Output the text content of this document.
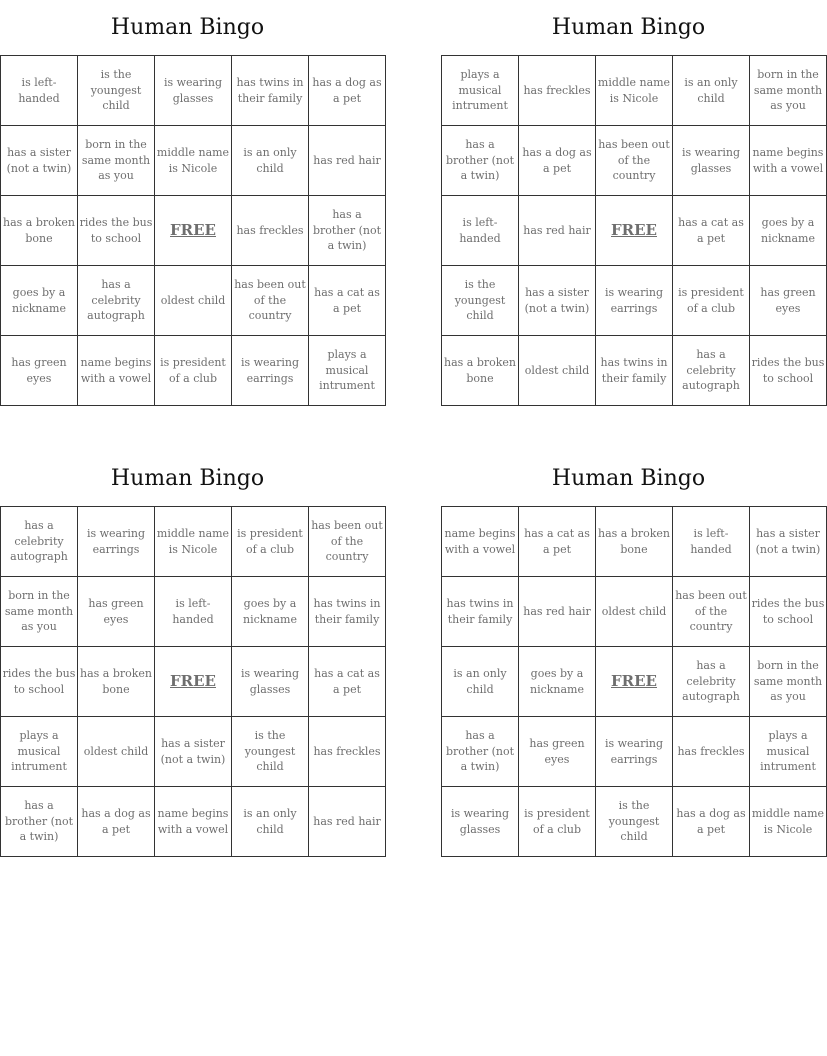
Human Bingo
is left-handed	is the youngest child	is wearing glasses	has twins in their family	has a dog as a pet
has a sister (not a twin)	born in the same month as you	middle name is Nicole	is an only child	has red hair
has a broken bone	rides the bus to school	FREE	has freckles	has a brother (not a twin)
goes by a nickname	has a celebrity autograph	oldest child	has been out of the country	has a cat as a pet
has green eyes	name begins with a vowel	is president of a club	is wearing earrings	plays a musical intrument
Human Bingo
plays a musical intrument	has freckles	middle name is Nicole	is an only child	born in the same month as you
has a brother (not a twin)	has a dog as a pet	has been out of the country	is wearing glasses	name begins with a vowel
is left-handed	has red hair	FREE	has a cat as a pet	goes by a nickname
is the youngest child	has a sister (not a twin)	is wearing earrings	is president of a club	has green eyes
has a broken bone	oldest child	has twins in their family	has a celebrity autograph	rides the bus to school
Human Bingo
has a celebrity autograph	is wearing earrings	middle name is Nicole	is president of a club	has been out of the country
born in the same month as you	has green eyes	is left-handed	goes by a nickname	has twins in their family
rides the bus to school	has a broken bone	FREE	is wearing glasses	has a cat as a pet
plays a musical intrument	oldest child	has a sister (not a twin)	is the youngest child	has freckles
has a brother (not a twin)	has a dog as a pet	name begins with a vowel	is an only child	has red hair
Human Bingo
name begins with a vowel	has a cat as a pet	has a broken bone	is left-handed	has a sister (not a twin)
has twins in their family	has red hair	oldest child	has been out of the country	rides the bus to school
is an only child	goes by a nickname	FREE	has a celebrity autograph	born in the same month as you
has a brother (not a twin)	has green eyes	is wearing earrings	has freckles	plays a musical intrument
is wearing glasses	is president of a club	is the youngest child	has a dog as a pet	middle name is Nicole
